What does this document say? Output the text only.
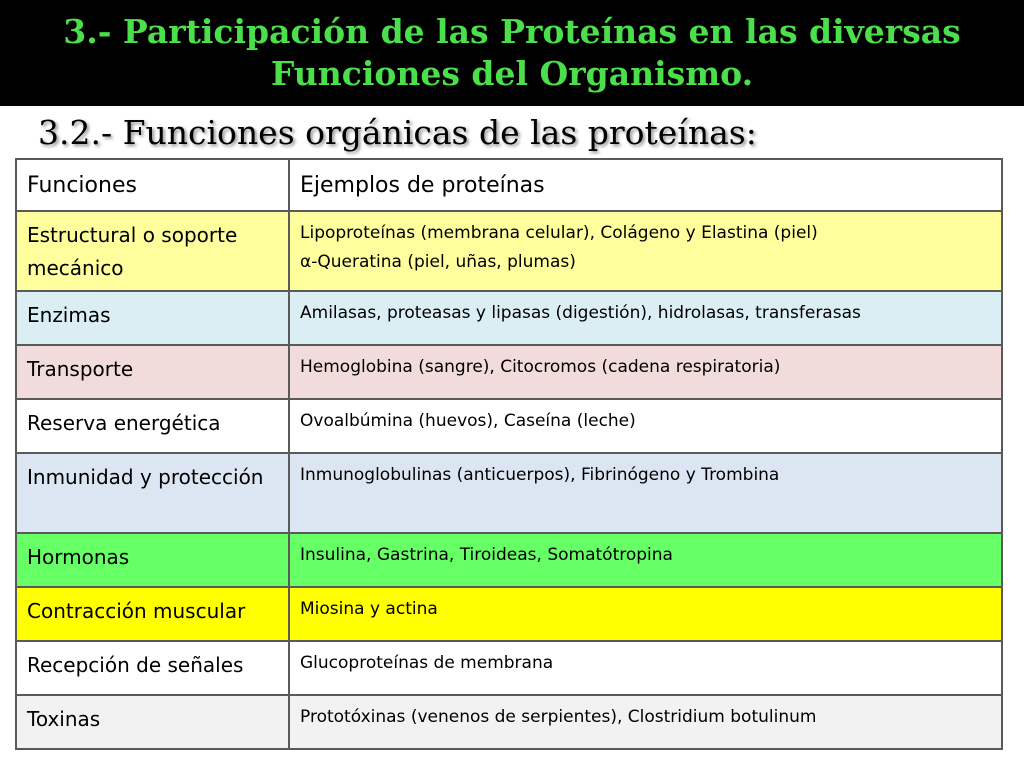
3.- Participación de las Proteínas en las diversas Funciones del Organismo.
3.2.- Funciones orgánicas de las proteínas:
Funciones	Ejemplos de proteínas
Estructural o soporte mecánico	Lipoproteínas (membrana celular), Colágeno y Elastina (piel)
α-Queratina (piel, uñas, plumas)
Enzimas	Amilasas, proteasas y lipasas (digestión), hidrolasas, transferasas
Transporte	Hemoglobina (sangre), Citocromos (cadena respiratoria)
Reserva energética	Ovoalbúmina (huevos), Caseína (leche)
Inmunidad y protección	Inmunoglobulinas (anticuerpos), Fibrinógeno y Trombina
Hormonas	Insulina, Gastrina, Tiroideas, Somatótropina
Contracción muscular	Miosina y actina
Recepción de señales	Glucoproteínas de membrana
Toxinas	Prototóxinas (venenos de serpientes), Clostridium botulinum
